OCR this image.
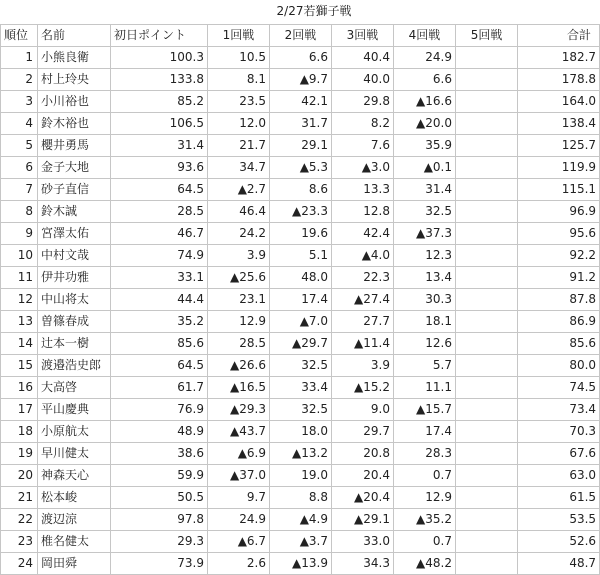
		2/27若獅子戦						
順位	名前	初日ポイント	1回戦	2回戦	3回戦	4回戦	5回戦	合計
1	小熊良衛	100.3	10.5	6.6	40.4	24.9		182.7
2	村上玲央	133.8	8.1	▲9.7	40.0	6.6		178.8
3	小川裕也	85.2	23.5	42.1	29.8	▲16.6		164.0
4	鈴木裕也	106.5	12.0	31.7	8.2	▲20.0		138.4
5	櫻井勇馬	31.4	21.7	29.1	7.6	35.9		125.7
6	金子大地	93.6	34.7	▲5.3	▲3.0	▲0.1		119.9
7	砂子直信	64.5	▲2.7	8.6	13.3	31.4		115.1
8	鈴木誠	28.5	46.4	▲23.3	12.8	32.5		96.9
9	宮澤太佑	46.7	24.2	19.6	42.4	▲37.3		95.6
10	中村文哉	74.9	3.9	5.1	▲4.0	12.3		92.2
11	伊井功雅	33.1	▲25.6	48.0	22.3	13.4		91.2
12	中山将太	44.4	23.1	17.4	▲27.4	30.3		87.8
13	曽篠春成	35.2	12.9	▲7.0	27.7	18.1		86.9
14	辻本一樹	85.6	28.5	▲29.7	▲11.4	12.6		85.6
15	渡邉浩史郎	64.5	▲26.6	32.5	3.9	5.7		80.0
16	大高啓	61.7	▲16.5	33.4	▲15.2	11.1		74.5
17	平山慶典	76.9	▲29.3	32.5	9.0	▲15.7		73.4
18	小原航太	48.9	▲43.7	18.0	29.7	17.4		70.3
19	早川健太	38.6	▲6.9	▲13.2	20.8	28.3		67.6
20	神森天心	59.9	▲37.0	19.0	20.4	0.7		63.0
21	松本峻	50.5	9.7	8.8	▲20.4	12.9		61.5
22	渡辺涼	97.8	24.9	▲4.9	▲29.1	▲35.2		53.5
23	椎名健太	29.3	▲6.7	▲3.7	33.0	0.7		52.6
24	岡田舜	73.9	2.6	▲13.9	34.3	▲48.2		48.7
